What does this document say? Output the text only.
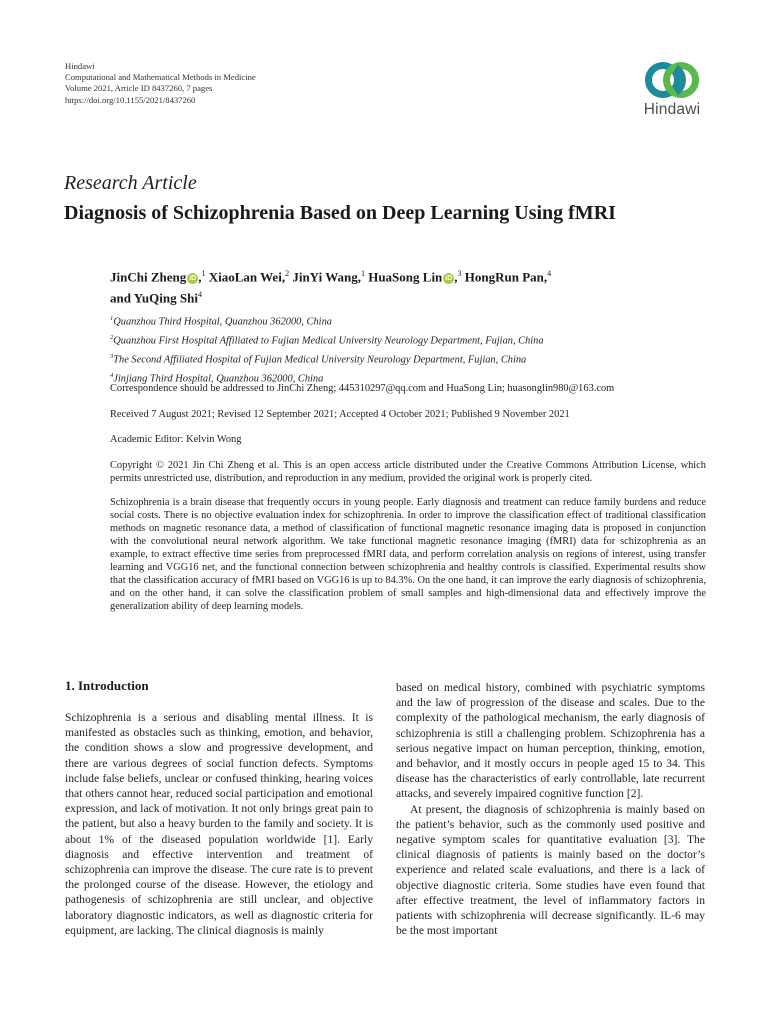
Hindawi
Computational and Mathematical Methods in Medicine
Volume 2021, Article ID 8437260, 7 pages
https://doi.org/10.1155/2021/8437260
Hindawi
Research Article
Diagnosis of Schizophrenia Based on Deep Learning Using fMRI
JinChi Zheng iD ,$^1$ XiaoLan Wei,$^2$ JinYi Wang,$^1$ HuaSong Lin iD ,$^3$ HongRun Pan,$^4$
and YuQing Shi$^4$
$^1$Quanzhou Third Hospital, Quanzhou 362000, China
$^2$Quanzhou First Hospital Affiliated to Fujian Medical University Neurology Department, Fujian, China
$^3$The Second Affiliated Hospital of Fujian Medical University Neurology Department, Fujian, China
$^4$Jinjiang Third Hospital, Quanzhou 362000, China
Correspondence should be addressed to JinChi Zheng; 445310297@qq.com and HuaSong Lin; huasonglin980@163.com
Received 7 August 2021; Revised 12 September 2021; Accepted 4 October 2021; Published 9 November 2021
Academic Editor: Kelvin Wong
Copyright © 2021 Jin Chi Zheng et al. This is an open access article distributed under the Creative Commons Attribution License, which permits unrestricted use, distribution, and reproduction in any medium, provided the original work is properly cited.
Schizophrenia is a brain disease that frequently occurs in young people. Early diagnosis and treatment can reduce family burdens and reduce social costs. There is no objective evaluation index for schizophrenia. In order to improve the classification effect of traditional classification methods on magnetic resonance data, a method of classification of functional magnetic resonance imaging data is proposed in conjunction with the convolutional neural network algorithm. We take functional magnetic resonance imaging (fMRI) data for schizophrenia as an example, to extract effective time series from preprocessed fMRI data, and perform correlation analysis on regions of interest, using transfer learning and VGG16 net, and the functional connection between schizophrenia and healthy controls is classified. Experimental results show that the classification accuracy of fMRI based on VGG16 is up to 84.3%. On the one hand, it can improve the early diagnosis of schizophrenia, and on the other hand, it can solve the classification problem of small samples and high-dimensional data and effectively improve the generalization ability of deep learning models.
1. Introduction

Schizophrenia is a serious and disabling mental illness. It is manifested as obstacles such as thinking, emotion, and behavior, the condition shows a slow and progressive development, and there are various degrees of social function defects. Symptoms include false beliefs, unclear or confused thinking, hearing voices that others cannot hear, reduced social participation and emotional expression, and lack of motivation. It not only brings great pain to the patient, but also a heavy burden to the family and society. It is about 1% of the diseased population worldwide [1]. Early diagnosis and effective intervention and treatment of schizophrenia can improve the disease. The cure rate is to prevent the prolonged course of the disease. However, the etiology and pathogenesis of schizophrenia are still unclear, and objective laboratory diagnostic indicators, as well as diagnostic criteria for equipment, are lacking. The clinical diagnosis is mainly

based on medical history, combined with psychiatric symptoms and the law of progression of the disease and scales. Due to the complexity of the pathological mechanism, the early diagnosis of schizophrenia is still a challenging problem. Schizophrenia has a serious negative impact on human perception, thinking, emotion, and behavior, and it mostly occurs in people aged 15 to 34. This disease has the characteristics of early controllable, late recurrent attacks, and severely impaired cognitive function [2].

At present, the diagnosis of schizophrenia is mainly based on the patient’s behavior, such as the commonly used positive and negative symptom scales for quantitative evaluation [3]. The clinical diagnosis of patients is mainly based on the doctor’s experience and related scale evaluations, and there is a lack of objective diagnostic criteria. Some studies have even found that after effective treatment, the level of inflammatory factors in patients with schizophrenia will decrease significantly. IL-6 may be the most important
